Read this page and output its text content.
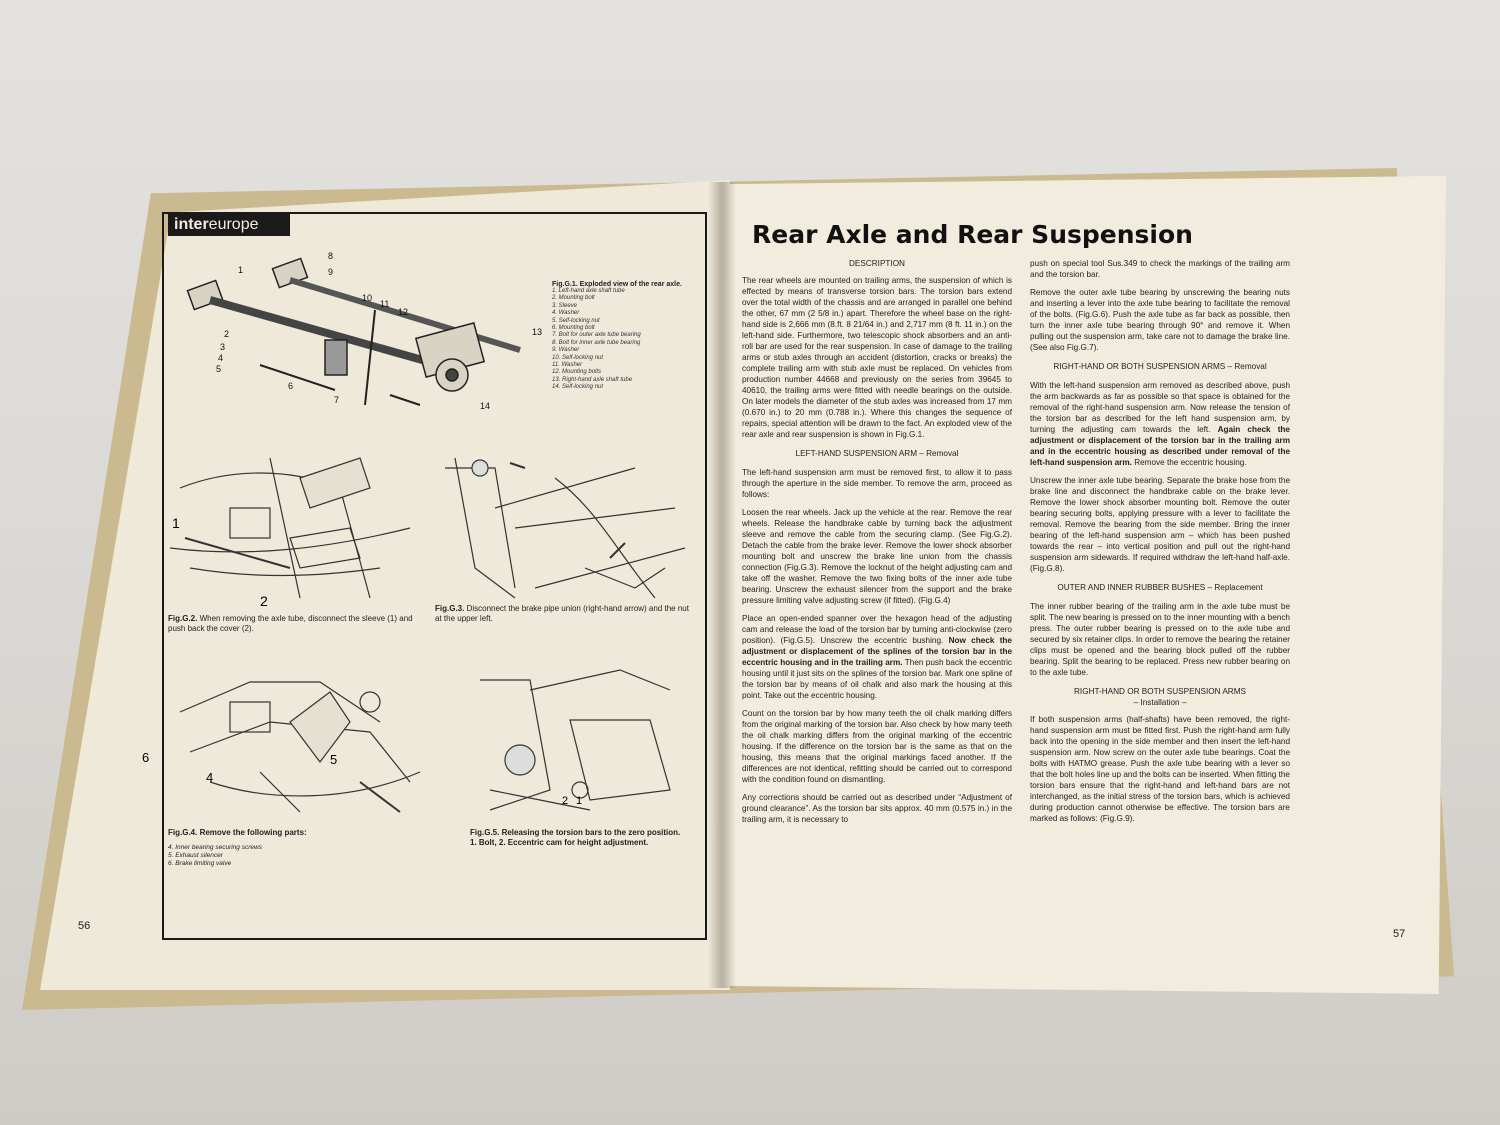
intereurope
1
2
3
4
5
6
7
8
9
10
11
12
13
14
Fig.G.1. Exploded view of the rear axle.
1. Left-hand axle shaft tube
2. Mounting bolt
3. Sleeve
4. Washer
5. Self-locking nut
6. Mounting bolt
7. Bolt for outer axle tube bearing
8. Bolt for inner axle tube bearing
9. Washer
10. Self-locking nut
11. Washer
12. Mounting bolts
13. Right-hand axle shaft tube
14. Self-locking nut
1
2
Fig.G.2. When removing the axle tube, disconnect the sleeve (1) and push back the cover (2).
Fig.G.3. Disconnect the brake pipe union (right-hand arrow) and the nut at the upper left.
6
4
5
Fig.G.4. Remove the following parts:
4. Inner bearing securing screws
5. Exhaust silencer
6. Brake limiting valve
2 1
Fig.G.5. Releasing the torsion bars to the zero position. 1. Bolt, 2. Eccentric cam for height adjustment.
56
Rear Axle and Rear Suspension
DESCRIPTION

The rear wheels are mounted on trailing arms, the suspension of which is effected by means of transverse torsion bars. The torsion bars extend over the total width of the chassis and are arranged in parallel one behind the other, 67 mm (2 5/8 in.) apart. Therefore the wheel base on the right-hand side is 2,666 mm (8.ft. 8 21/64 in.) and 2,717 mm (8 ft. 11 in.) on the left-hand side. Furthermore, two telescopic shock absorbers and an anti-roll bar are used for the rear suspension. In case of damage to the trailing arms or stub axles through an accident (distortion, cracks or breaks) the complete trailing arm with stub axle must be replaced. On vehicles from production number 44668 and previously on the series from 39645 to 40610, the trailing arms were fitted with needle bearings on the outside. On later models the diameter of the stub axles was increased from 17 mm (0.670 in.) to 20 mm (0.788 in.). Where this changes the sequence of repairs, special attention will be drawn to the fact. An exploded view of the rear axle and rear suspension is shown in Fig.G.1.

LEFT-HAND SUSPENSION ARM – Removal

The left-hand suspension arm must be removed first, to allow it to pass through the aperture in the side member. To remove the arm, proceed as follows:

Loosen the rear wheels. Jack up the vehicle at the rear. Remove the rear wheels. Release the handbrake cable by turning back the adjustment sleeve and remove the cable from the securing clamp. (See Fig.G.2). Detach the cable from the brake lever. Remove the lower shock absorber mounting bolt and unscrew the brake line union from the chassis connection (Fig.G.3). Remove the locknut of the height adjusting cam and take off the washer. Remove the two fixing bolts of the inner axle tube bearing. Unscrew the exhaust silencer from the support and the brake pressure limiting valve adjusting screw (if fitted). (Fig.G.4)

Place an open-ended spanner over the hexagon head of the adjusting cam and release the load of the torsion bar by turning anti-clockwise (zero position). (Fig.G.5). Unscrew the eccentric bushing. Now check the adjustment or displacement of the splines of the torsion bar in the eccentric housing and in the trailing arm. Then push back the eccentric housing until it just sits on the splines of the torsion bar. Mark one spline of the torsion bar by means of oil chalk and also mark the housing at this point. Take out the eccentric housing.

Count on the torsion bar by how many teeth the oil chalk marking differs from the original marking of the torsion bar. Also check by how many teeth the oil chalk marking differs from the original marking of the eccentric housing. If the difference on the torsion bar is the same as that on the housing, this means that the original markings faced another. If the differences are not identical, refitting should be carried out to correspond with the condition found on dismantling.

Any corrections should be carried out as described under “Adjustment of ground clearance”. As the torsion bar sits approx. 40 mm (0.575 in.) in the trailing arm, it is necessary to

push on special tool Sus.349 to check the markings of the trailing arm and the torsion bar.

Remove the outer axle tube bearing by unscrewing the bearing nuts and inserting a lever into the axle tube bearing to facilitate the removal of the bolts. (Fig.G.6). Push the axle tube as far back as possible, then turn the inner axle tube bearing through 90° and remove it. When pulling out the suspension arm, take care not to damage the brake line. (See also Fig.G.7).

RIGHT-HAND OR BOTH SUSPENSION ARMS – Removal

With the left-hand suspension arm removed as described above, push the arm backwards as far as possible so that space is obtained for the removal of the right-hand suspension arm. Now release the tension of the torsion bar as described for the left hand suspension arm, by turning the adjusting cam towards the left. Again check the adjustment or displacement of the torsion bar in the trailing arm and in the eccentric housing as described under removal of the left-hand suspension arm. Remove the eccentric housing.

Unscrew the inner axle tube bearing. Separate the brake hose from the brake line and disconnect the handbrake cable on the brake lever. Remove the lower shock absorber mounting bolt. Remove the outer bearing securing bolts, applying pressure with a lever to facilitate the removal. Remove the bearing from the side member. Bring the inner bearing of the left-hand suspension arm – which has been pushed towards the rear – into vertical position and pull out the right-hand suspension arm sidewards. If required withdraw the left-hand half-axle. (Fig.G.8).

OUTER AND INNER RUBBER BUSHES – Replacement

The inner rubber bearing of the trailing arm in the axle tube must be split. The new bearing is pressed on to the inner mounting with a bench press. The outer rubber bearing is pressed on to the axle tube and secured by six retainer clips. In order to remove the bearing the retainer clips must be opened and the bearing block pulled off the rubber bearing. Split the bearing to be replaced. Press new rubber bearing on to the axle tube.

RIGHT-HAND OR BOTH SUSPENSION ARMS
– Installation –

If both suspension arms (half-shafts) have been removed, the right-hand suspension arm must be fitted first. Push the right-hand arm fully back into the opening in the side member and then insert the left-hand suspension arm. Now screw on the outer axle tube bearings. Coat the bolts with HATMO grease. Push the axle tube bearing with a lever so that the bolt holes line up and the bolts can be inserted. When fitting the torsion bars ensure that the right-hand and left-hand bars are not interchanged, as the initial stress of the torsion bars, which is achieved during production cannot otherwise be effective. The torsion bars are marked as follows: (Fig.G.9).

57
